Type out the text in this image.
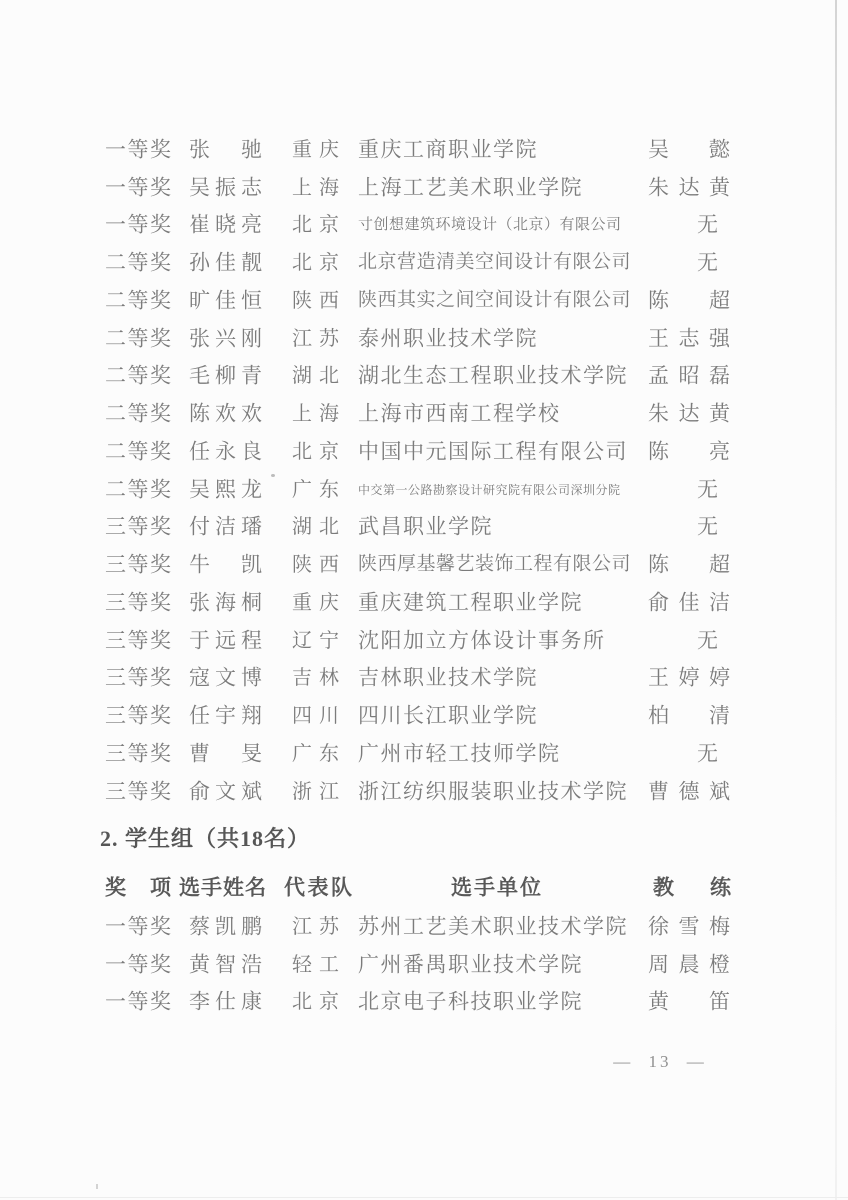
一等奖 张　驰 重庆 重庆工商职业学院	吴　懿
一等奖 吴振志 上海 上海工艺美术职业学院	朱达黄
一等奖 崔晓亮 北京 寸创想建筑环境设计（北京）有限公司	无
二等奖 孙佳靓 北京 北京营造清美空间设计有限公司	无
二等奖 旷佳恒 陕西 陕西其实之间空间设计有限公司 陈　超
二等奖 张兴刚 江苏 泰州职业技术学院	王志强
二等奖 毛柳青 湖北 湖北生态工程职业技术学院 孟昭磊
二等奖 陈欢欢 上海 上海市西南工程学校	朱达黄
二等奖 任永良 北京 中国中元国际工程有限公司 陈　亮
二等奖 吴熙龙 广东 中交第一公路勘察设计研究院有限公司深圳分院	无
三等奖 付洁璠 湖北 武昌职业学院	无
三等奖 牛　凯 陕西 陕西厚基馨艺装饰工程有限公司 陈　超
三等奖 张海桐 重庆 重庆建筑工程职业学院	俞佳洁
三等奖 于远程 辽宁 沈阳加立方体设计事务所	无
三等奖 寇文博 吉林 吉林职业技术学院	王婷婷
三等奖 任宇翔 四川 四川长江职业学院	柏　清
三等奖 曹　旻 广东 广州市轻工技师学院	无
三等奖 俞文斌 浙江 浙江纺织服装职业技术学院 曹德斌
2. 学生组（共18名）
奖　项 选手姓名 代表队	选手单位	教　练
一等奖 蔡凯鹏 江苏 苏州工艺美术职业技术学院 徐雪梅
一等奖 黄智浩 轻工 广州番禺职业技术学院	周晨橙
一等奖 李仕康 北京 北京电子科技职业学院	黄　笛
— 13 —
